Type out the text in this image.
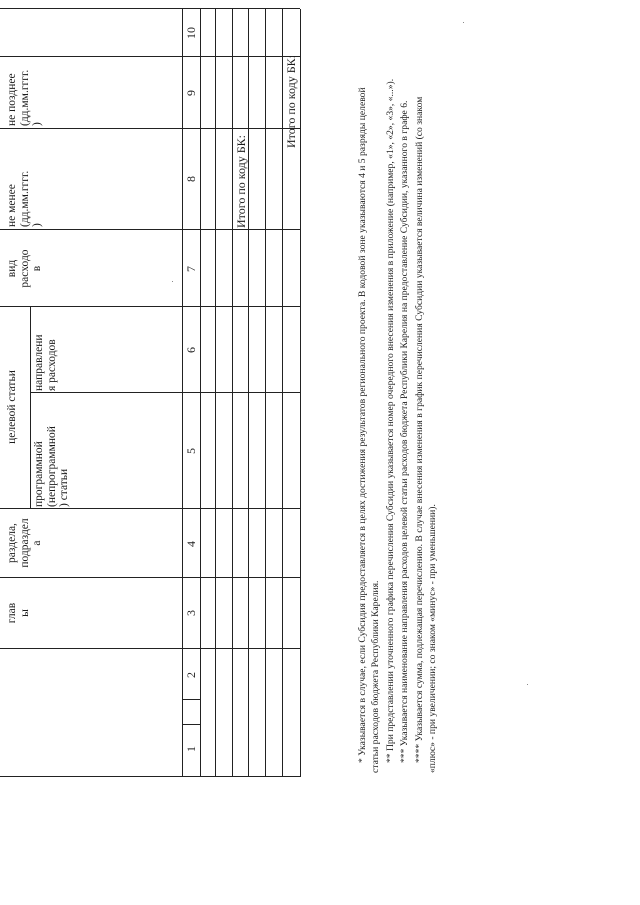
глав
ы
раздела,
подраздел
а
целевой статьи
программной
(непрограммной
) статьи
направлени
я расходов
вид
расходо
в
не менее
(дд.мм.гггг.
)
не позднее
(дд.мм.гггг.
)
1
2
3
4
5
6
7
8
9
10
Итого по коду БК:
Итого по коду БК:	* Указывается в случае, если Субсидия предоставляется в целях достижения результатов регионального проекта. В кодовой зоне указываются 4 и 5 разряды целевой статьи расходов бюджета Республики Карелия. ** При представлении уточненного графика перечисления Субсидии указывается номер очередного внесения изменения в приложение (например, «1», «2», «3», «...»). *** Указывается наименование направления расходов целевой статьи расходов бюджета Республики Карелия на предоставление Субсидии, указанного в графе 6. **** Указывается сумма, подлежащая перечислению. В случае внесения изменения в график перечисления Субсидии указывается величина изменений (со знаком «плюс» - при увеличении; со знаком «минус» - при уменьшении).
